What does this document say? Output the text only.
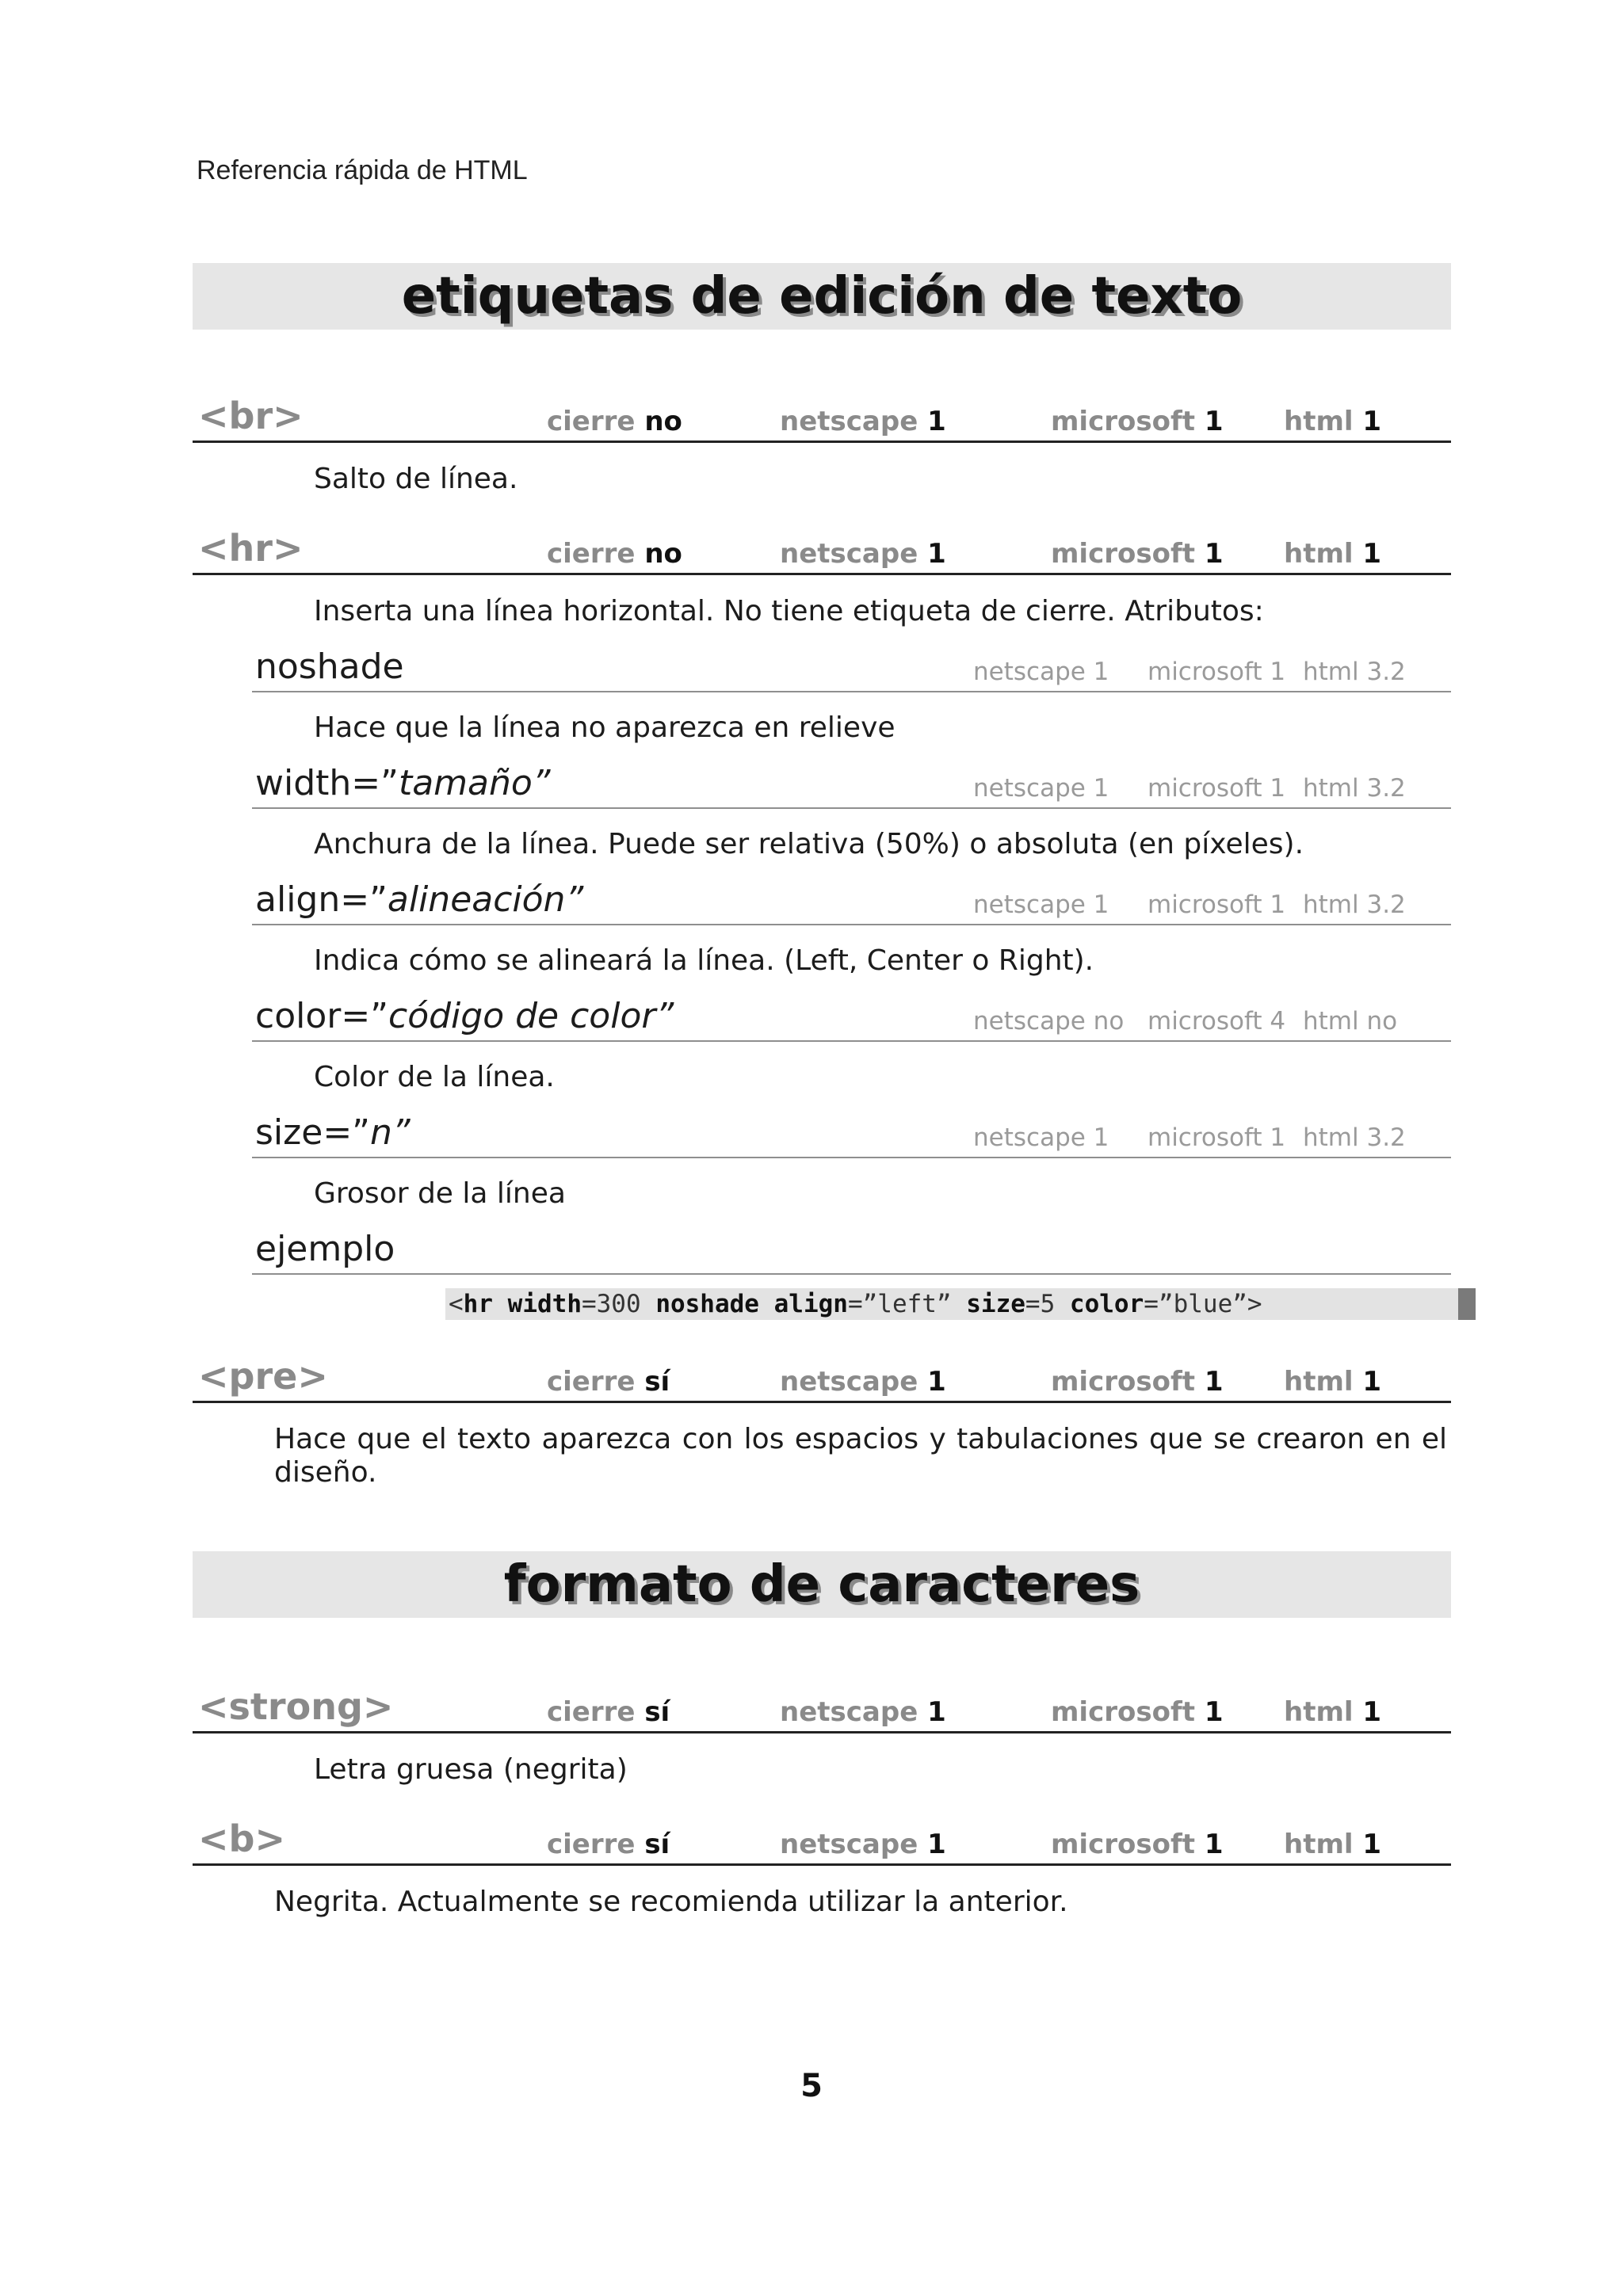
Referencia rápida de HTML
etiquetas de edición de texto
<br>	cierre no	netscape 1	microsoft 1 html 1
Salto de línea.
<hr>	cierre no	netscape 1	microsoft 1 html 1
Inserta una línea horizontal. No tiene etiqueta de cierre. Atributos:
noshade	netscape 1 microsoft 1 html 3.2
Hace que la línea no aparezca en relieve
width=”tamaño”	netscape 1 microsoft 1 html 3.2
Anchura de la línea. Puede ser relativa (50%) o absoluta (en píxeles).
align=”alineación”	netscape 1 microsoft 1 html 3.2
Indica cómo se alineará la línea. (Left, Center o Right).
color=”código de color”	netscape no microsoft 4 html no
Color de la línea.
size=”n”	netscape 1 microsoft 1 html 3.2
Grosor de la línea
ejemplo
<hr width=300 noshade align=”left” size=5 color=”blue”>
<pre>	cierre sí	netscape 1	microsoft 1 html 1
Hace que el texto aparezca con los espacios y tabulaciones que se crearon en el diseño.
formato de caracteres
<strong>	cierre sí	netscape 1	microsoft 1 html 1
Letra gruesa (negrita)
<b>	cierre sí	netscape 1	microsoft 1 html 1
Negrita. Actualmente se recomienda utilizar la anterior.
5
